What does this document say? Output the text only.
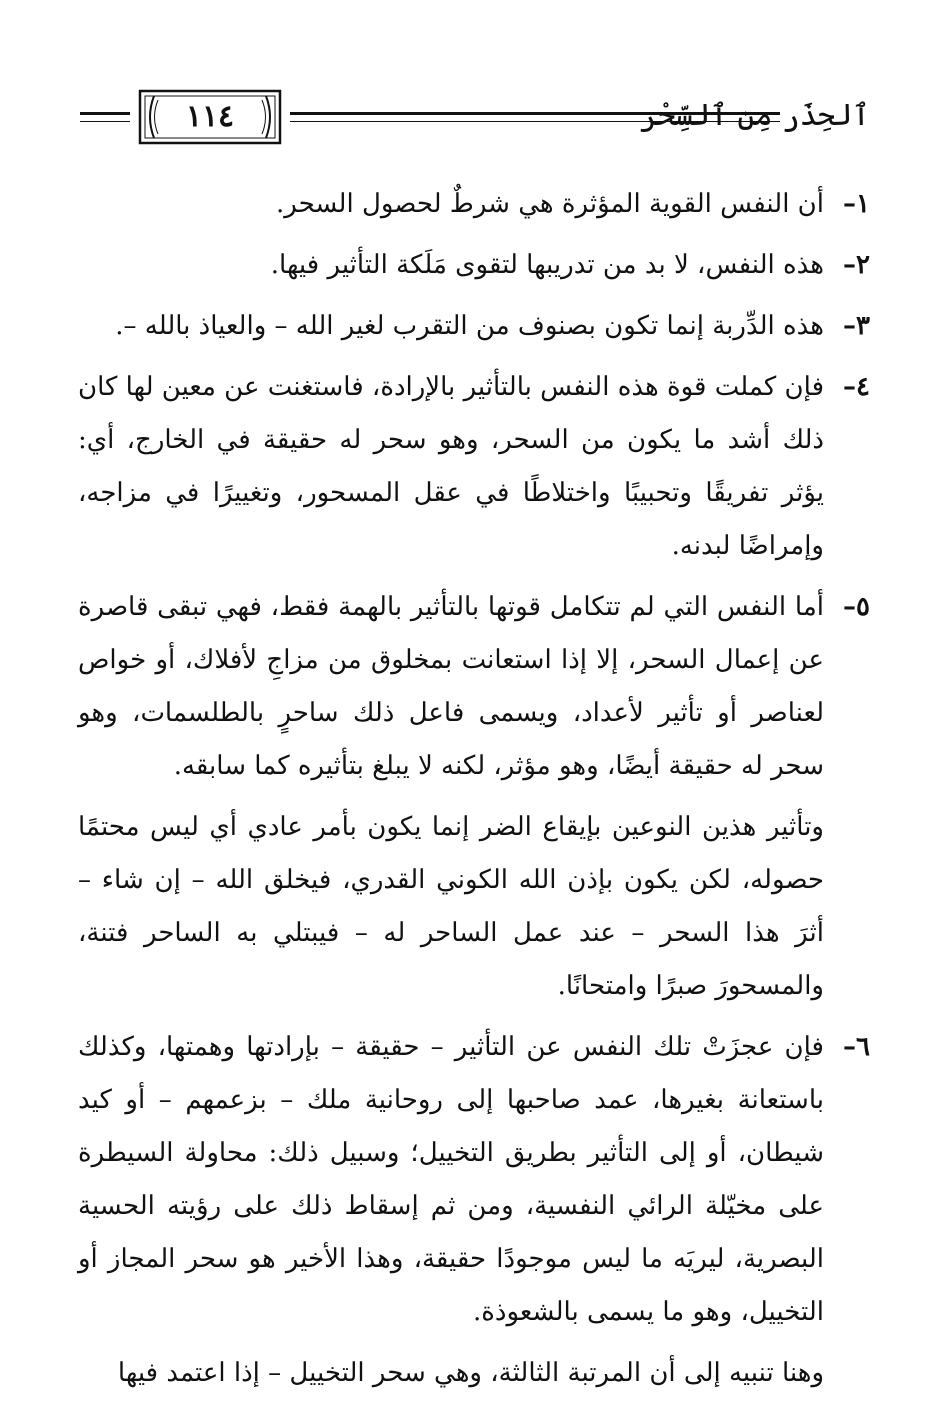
١١٤	ٱلحِذَر مِن ٱلسِّحْر
١–
أن النفس القوية المؤثرة هي شرطٌ لحصول السحر.
٢–
هذه النفس، لا بد من تدريبها لتقوى مَلَكة التأثير فيها.
٣–
هذه الدِّربة إنما تكون بصنوف من التقرب لغير الله – والعياذ بالله –.
٤–
فإن كملت قوة هذه النفس بالتأثير بالإرادة، فاستغنت عن معين لها كان ذلك أشد ما يكون من السحر، وهو سحر له حقيقة في الخارج، أي: يؤثر تفريقًا وتحبيبًا واختلاطًا في عقل المسحور، وتغييرًا في مزاجه، وإمراضًا لبدنه.
٥–
أما النفس التي لم تتكامل قوتها بالتأثير بالهمة فقط، فهي تبقى قاصرة عن إعمال السحر، إلا إذا استعانت بمخلوق من مزاجِ لأفلاك، أو خواص لعناصر أو تأثير لأعداد، ويسمى فاعل ذلك ساحرٍ بالطلسمات، وهو سحر له حقيقة أيضًا، وهو مؤثر، لكنه لا يبلغ بتأثيره كما سابقه.
وتأثير هذين النوعين بإيقاع الضر إنما يكون بأمر عادي أي ليس محتمًا حصوله، لكن يكون بإذن الله الكوني القدري، فيخلق الله – إن شاء – أثرَ هذا السحر – عند عمل الساحر له – فيبتلي به الساحر فتنة، والمسحورَ صبرًا وامتحانًا.
٦–
فإن عجزَتْ تلك النفس عن التأثير – حقيقة – بإرادتها وهمتها، وكذلك باستعانة بغيرها، عمد صاحبها إلى روحانية ملك – بزعمهم – أو كيد شيطان، أو إلى التأثير بطريق التخييل؛ وسبيل ذلك: محاولة السيطرة على مخيّلة الرائي النفسية، ومن ثم إسقاط ذلك على رؤيته الحسية البصرية، ليريَه ما ليس موجودًا حقيقة، وهذا الأخير هو سحر المجاز أو التخييل، وهو ما يسمى بالشعوذة.
وهنا تنبيه إلى أن المرتبة الثالثة، وهي سحر التخييل – إذا اعتمد فيها
